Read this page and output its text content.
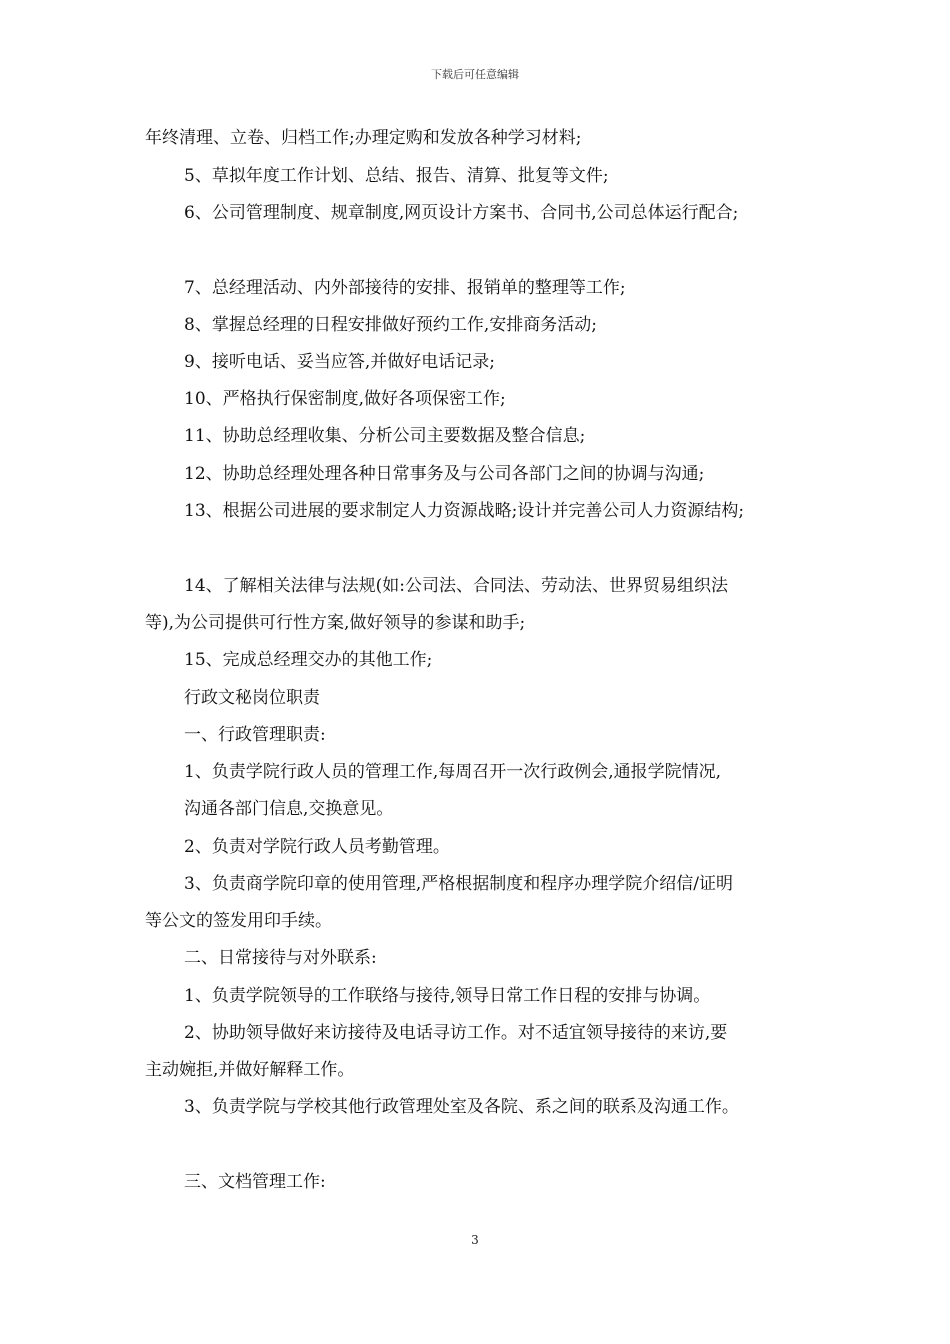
下载后可任意编辑
年终清理、立卷、归档工作;办理定购和发放各种学习材料;
5、草拟年度工作计划、总结、报告、清算、批复等文件;
6、公司管理制度、规章制度,网页设计方案书、合同书,公司总体运行配合;
7、总经理活动、内外部接待的安排、报销单的整理等工作;
8、掌握总经理的日程安排做好预约工作,安排商务活动;
9、接听电话、妥当应答,并做好电话记录;
10、严格执行保密制度,做好各项保密工作;
11、协助总经理收集、分析公司主要数据及整合信息;
12、协助总经理处理各种日常事务及与公司各部门之间的协调与沟通;
13、根据公司进展的要求制定人力资源战略;设计并完善公司人力资源结构;
14、了解相关法律与法规(如:公司法、合同法、劳动法、世界贸易组织法
等),为公司提供可行性方案,做好领导的参谋和助手;
15、完成总经理交办的其他工作;
行政文秘岗位职责
一、行政管理职责:
1、负责学院行政人员的管理工作,每周召开一次行政例会,通报学院情况,
沟通各部门信息,交换意见。
2、负责对学院行政人员考勤管理。
3、负责商学院印章的使用管理,严格根据制度和程序办理学院介绍信/证明
等公文的签发用印手续。
二、日常接待与对外联系:
1、负责学院领导的工作联络与接待,领导日常工作日程的安排与协调。
2、协助领导做好来访接待及电话寻访工作。对不适宜领导接待的来访,要
主动婉拒,并做好解释工作。
3、负责学院与学校其他行政管理处室及各院、系之间的联系及沟通工作。
三、文档管理工作:
3
